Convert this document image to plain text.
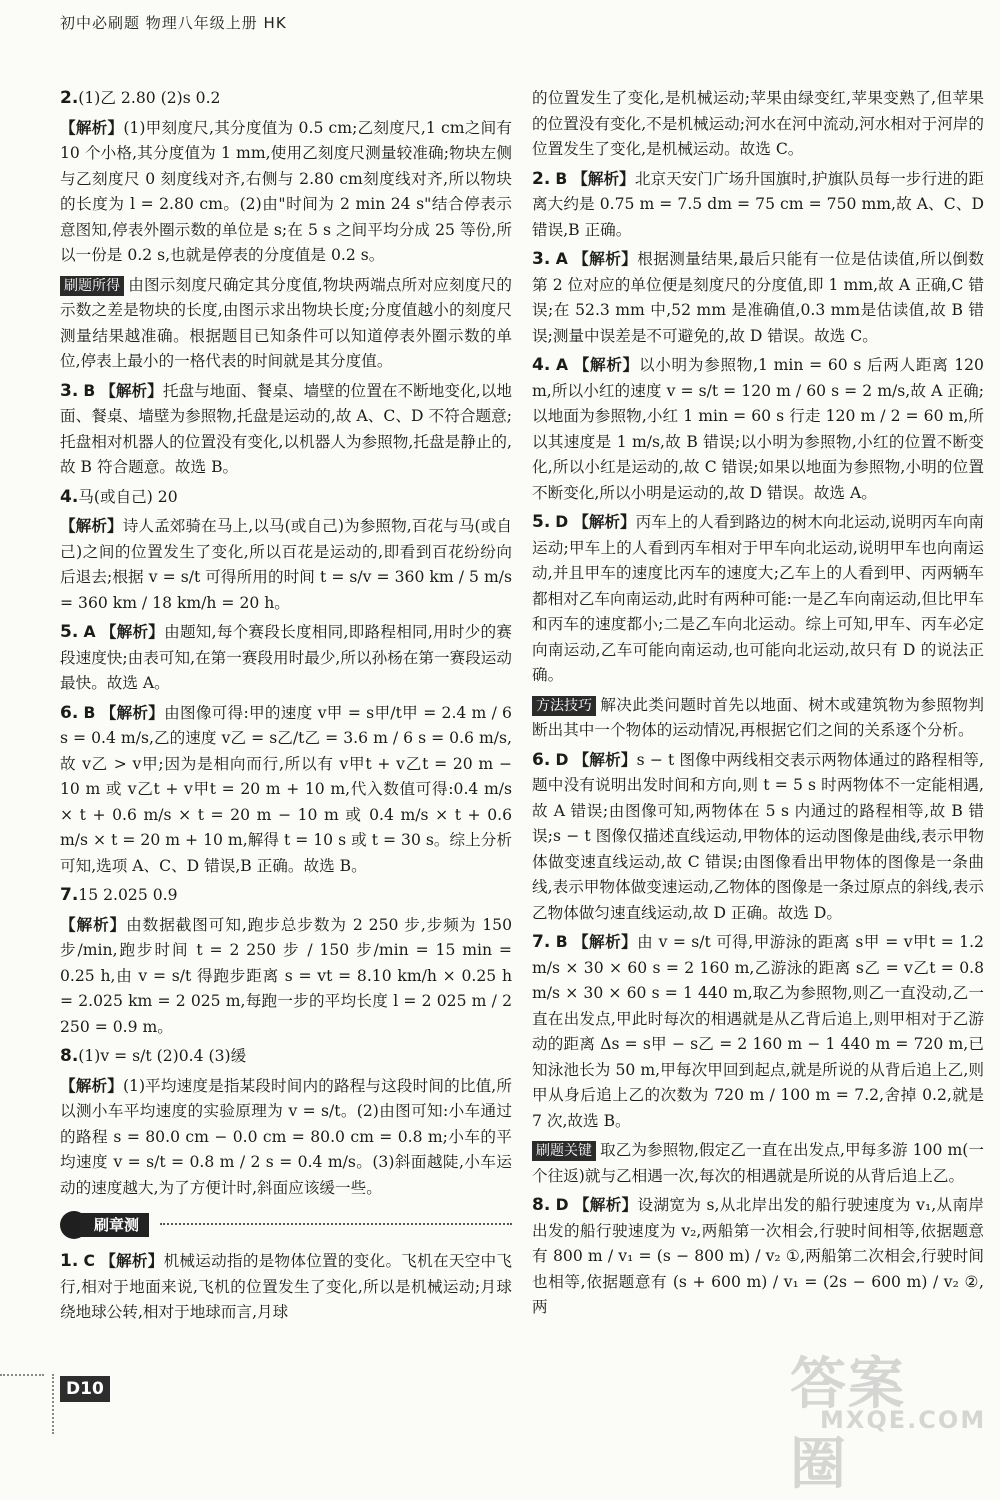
初中必刷题 物理八年级上册 HK

2.(1)乙 2.80 (2)s 0.2

【解析】(1)甲刻度尺,其分度值为 0.5 cm;乙刻度尺,1 cm之间有 10 个小格,其分度值为 1 mm,使用乙刻度尺测量较准确;物块左侧与乙刻度尺 0 刻度线对齐,右侧与 2.80 cm刻度线对齐,所以物块的长度为 l = 2.80 cm。(2)由"时间为 2 min 24 s"结合停表示意图知,停表外圈示数的单位是 s;在 5 s 之间平均分成 25 等份,所以一份是 0.2 s,也就是停表的分度值是 0.2 s。

刷题所得 由图示刻度尺确定其分度值,物块两端点所对应刻度尺的示数之差是物块的长度,由图示求出物块长度;分度值越小的刻度尺测量结果越准确。根据题目已知条件可以知道停表外圈示数的单位,停表上最小的一格代表的时间就是其分度值。

3. B 【解析】托盘与地面、餐桌、墙壁的位置在不断地变化,以地面、餐桌、墙壁为参照物,托盘是运动的,故 A、C、D 不符合题意;托盘相对机器人的位置没有变化,以机器人为参照物,托盘是静止的,故 B 符合题意。故选 B。

4.马(或自己) 20

【解析】诗人孟郊骑在马上,以马(或自己)为参照物,百花与马(或自己)之间的位置发生了变化,所以百花是运动的,即看到百花纷纷向后退去;根据 v = s/t 可得所用的时间 t = s/v = 360 km / 5 m/s = 360 km / 18 km/h = 20 h。

5. A 【解析】由题知,每个赛段长度相同,即路程相同,用时少的赛段速度快;由表可知,在第一赛段用时最少,所以孙杨在第一赛段运动最快。故选 A。

6. B 【解析】由图像可得:甲的速度 v甲 = s甲/t甲 = 2.4 m / 6 s = 0.4 m/s,乙的速度 v乙 = s乙/t乙 = 3.6 m / 6 s = 0.6 m/s,故 v乙 > v甲;因为是相向而行,所以有 v甲t + v乙t = 20 m − 10 m 或 v乙t + v甲t = 20 m + 10 m,代入数值可得:0.4 m/s × t + 0.6 m/s × t = 20 m − 10 m 或 0.4 m/s × t + 0.6 m/s × t = 20 m + 10 m,解得 t = 10 s 或 t = 30 s。综上分析可知,选项 A、C、D 错误,B 正确。故选 B。

7.15 2.025 0.9

【解析】由数据截图可知,跑步总步数为 2 250 步,步频为 150 步/min,跑步时间 t = 2 250 步 / 150 步/min = 15 min = 0.25 h,由 v = s/t 得跑步距离 s = vt = 8.10 km/h × 0.25 h = 2.025 km = 2 025 m,每跑一步的平均长度 l = 2 025 m / 2 250 = 0.9 m。

8.(1)v = s/t (2)0.4 (3)缓

【解析】(1)平均速度是指某段时间内的路程与这段时间的比值,所以测小车平均速度的实验原理为 v = s/t。(2)由图可知:小车通过的路程 s = 80.0 cm − 0.0 cm = 80.0 cm = 0.8 m;小车的平均速度 v = s/t = 0.8 m / 2 s = 0.4 m/s。(3)斜面越陡,小车运动的速度越大,为了方便计时,斜面应该缓一些。

刷章测

1. C 【解析】机械运动指的是物体位置的变化。飞机在天空中飞行,相对于地面来说,飞机的位置发生了变化,所以是机械运动;月球绕地球公转,相对于地球而言,月球

的位置发生了变化,是机械运动;苹果由绿变红,苹果变熟了,但苹果的位置没有变化,不是机械运动;河水在河中流动,河水相对于河岸的位置发生了变化,是机械运动。故选 C。

2. B 【解析】北京天安门广场升国旗时,护旗队员每一步行进的距离大约是 0.75 m = 7.5 dm = 75 cm = 750 mm,故 A、C、D 错误,B 正确。

3. A 【解析】根据测量结果,最后只能有一位是估读值,所以倒数第 2 位对应的单位便是刻度尺的分度值,即 1 mm,故 A 正确,C 错误;在 52.3 mm 中,52 mm 是准确值,0.3 mm是估读值,故 B 错误;测量中误差是不可避免的,故 D 错误。故选 C。

4. A 【解析】以小明为参照物,1 min = 60 s 后两人距离 120 m,所以小红的速度 v = s/t = 120 m / 60 s = 2 m/s,故 A 正确;以地面为参照物,小红 1 min = 60 s 行走 120 m / 2 = 60 m,所以其速度是 1 m/s,故 B 错误;以小明为参照物,小红的位置不断变化,所以小红是运动的,故 C 错误;如果以地面为参照物,小明的位置不断变化,所以小明是运动的,故 D 错误。故选 A。

5. D 【解析】丙车上的人看到路边的树木向北运动,说明丙车向南运动;甲车上的人看到丙车相对于甲车向北运动,说明甲车也向南运动,并且甲车的速度比丙车的速度大;乙车上的人看到甲、丙两辆车都相对乙车向南运动,此时有两种可能:一是乙车向南运动,但比甲车和丙车的速度都小;二是乙车向北运动。综上可知,甲车、丙车必定向南运动,乙车可能向南运动,也可能向北运动,故只有 D 的说法正确。

方法技巧 解决此类问题时首先以地面、树木或建筑物为参照物判断出其中一个物体的运动情况,再根据它们之间的关系逐个分析。

6. D 【解析】s − t 图像中两线相交表示两物体通过的路程相等,题中没有说明出发时间和方向,则 t = 5 s 时两物体不一定能相遇,故 A 错误;由图像可知,两物体在 5 s 内通过的路程相等,故 B 错误;s − t 图像仅描述直线运动,甲物体的运动图像是曲线,表示甲物体做变速直线运动,故 C 错误;由图像看出甲物体的图像是一条曲线,表示甲物体做变速运动,乙物体的图像是一条过原点的斜线,表示乙物体做匀速直线运动,故 D 正确。故选 D。

7. B 【解析】由 v = s/t 可得,甲游泳的距离 s甲 = v甲t = 1.2 m/s × 30 × 60 s = 2 160 m,乙游泳的距离 s乙 = v乙t = 0.8 m/s × 30 × 60 s = 1 440 m,取乙为参照物,则乙一直没动,乙一直在出发点,甲此时每次的相遇就是从乙背后追上,则甲相对于乙游动的距离 Δs = s甲 − s乙 = 2 160 m − 1 440 m = 720 m,已知泳池长为 50 m,甲每次甲回到起点,就是所说的从背后追上乙,则甲从身后追上乙的次数为 720 m / 100 m = 7.2,舍掉 0.2,就是 7 次,故选 B。

刷题关键 取乙为参照物,假定乙一直在出发点,甲每多游 100 m(一个往返)就与乙相遇一次,每次的相遇就是所说的从背后追上乙。

8. D 【解析】设湖宽为 s,从北岸出发的船行驶速度为 v₁,从南岸出发的船行驶速度为 v₂,两船第一次相会,行驶时间相等,依据题意有 800 m / v₁ = (s − 800 m) / v₂ ①,两船第二次相会,行驶时间也相等,依据题意有 (s + 600 m) / v₁ = (2s − 600 m) / v₂ ②,两

D10	答案圈
MXQE.COM
